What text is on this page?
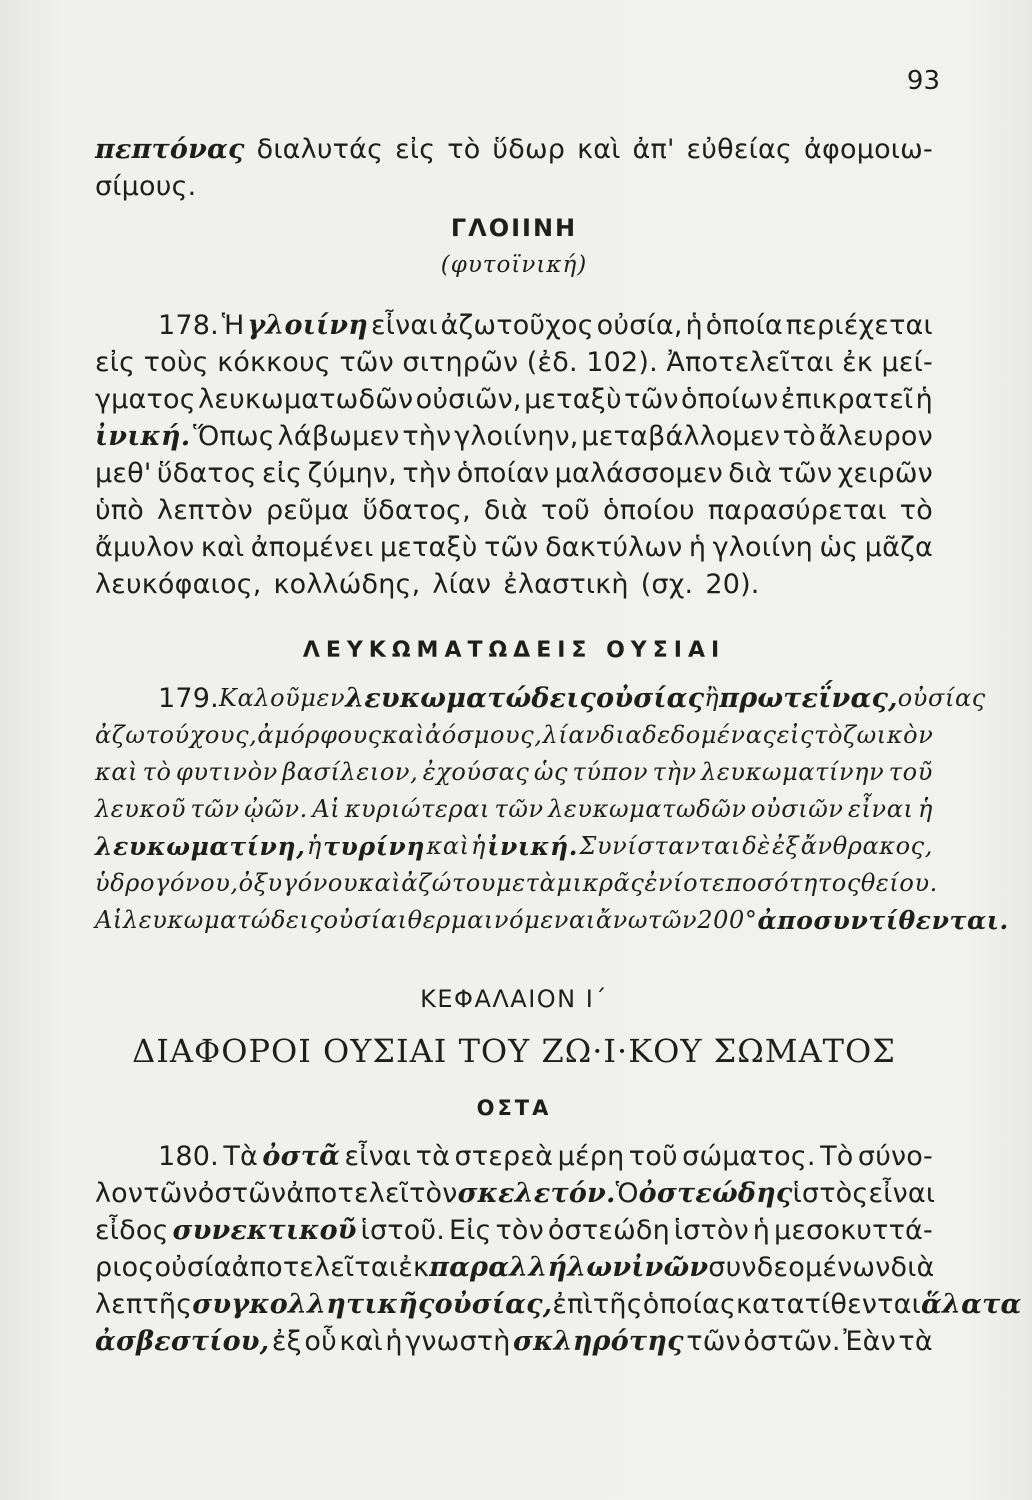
93
πεπτόνας διαλυτάς εἰς τὸ ὕδωρ καὶ ἀπ' εὐθείας ἀφομοιω-
σίμους.
ΓΛΟΙΙΝΗ
(φυτοϊνική)
178. Ἡ γλοιίνη εἶναι ἀζωτοῦχος οὐσία, ἡ ὁποία περιέχεται
εἰς τοὺς κόκκους τῶν σιτηρῶν (ἐδ. 102). Ἀποτελεῖται ἐκ μεί-
γματος λευκωματωδῶν οὐσιῶν, μεταξὺ τῶν ὁποίων ἐπικρατεῖ ἡ
ἰνική. Ὅπως λάβωμεν τὴν γλοιίνην, μεταβάλλομεν τὸ ἄλευρον
μεθ' ὕδατος εἰς ζύμην, τὴν ὁποίαν μαλάσσομεν διὰ τῶν χειρῶν
ὑπὸ λεπτὸν ρεῦμα ὕδατος, διὰ τοῦ ὁποίου παρασύρεται τὸ
ἄμυλον καὶ ἀπομένει μεταξὺ τῶν δακτύλων ἡ γλοιίνη ὡς μᾶζα
λευκόφαιος, κολλώδης, λίαν ἐλαστικὴ (σχ. 20).
ΛΕΥΚΩΜΑΤΩΔΕΙΣ ΟΥΣΙΑΙ
179. Καλοῦμεν λευκωματώδεις οὐσίας ἢ πρωτεΐνας, οὐσίας
ἀζωτούχους, ἀμόρφους καὶ ἀόσμους, λίαν διαδεδομένας εἰς τὸ ζωικὸν
καὶ τὸ φυτινὸν βασίλειον, ἐχούσας ὡς τύπον τὴν λευκωματίνην τοῦ
λευκοῦ τῶν ᾠῶν. Αἱ κυριώτεραι τῶν λευκωματωδῶν οὐσιῶν εἶναι ἡ
λευκωματίνη, ἡ τυρίνη καὶ ἡ ἰνική. Συνίστανται δὲ ἐξ ἄνθρακος,
ὑδρογόνου, ὀξυγόνου καὶ ἀζώτου μετὰ μικρᾶς ἐνίοτε ποσότητος θείου.
Αἱ λευκωματώδεις οὐσίαι θερμαινόμεναι ἄνω τῶν 200° ἀποσυντίθενται.
ΚΕΦΑΛΑΙΟΝ Ι΄
ΔΙΑΦΟΡΟΙ ΟΥΣΙΑΙ ΤΟΥ ΖΩ·Ι·ΚΟΥ ΣΩΜΑΤΟΣ
ΟΣΤΑ
180. Τὰ ὀστᾶ εἶναι τὰ στερεὰ μέρη τοῦ σώματος. Τὸ σύνο-
λον τῶν ὀστῶν ἀποτελεῖ τὸν σκελετόν. Ὁ ὀστεώδης ἱστὸς εἶναι
εἶδος συνεκτικοῦ ἱστοῦ. Εἰς τὸν ὀστεώδη ἱστὸν ἡ μεσοκυττά-
ριος οὐσία ἀποτελεῖται ἐκ παραλλήλων ἰνῶν συνδεομένων διὰ
λεπτῆς συγκολλητικῆς οὐσίας, ἐπὶ τῆς ὁποίας κατατίθενται ἅλατα
ἀσβεστίου, ἐξ οὗ καὶ ἡ γνωστὴ σκληρότης τῶν ὀστῶν. Ἐὰν τὰ
